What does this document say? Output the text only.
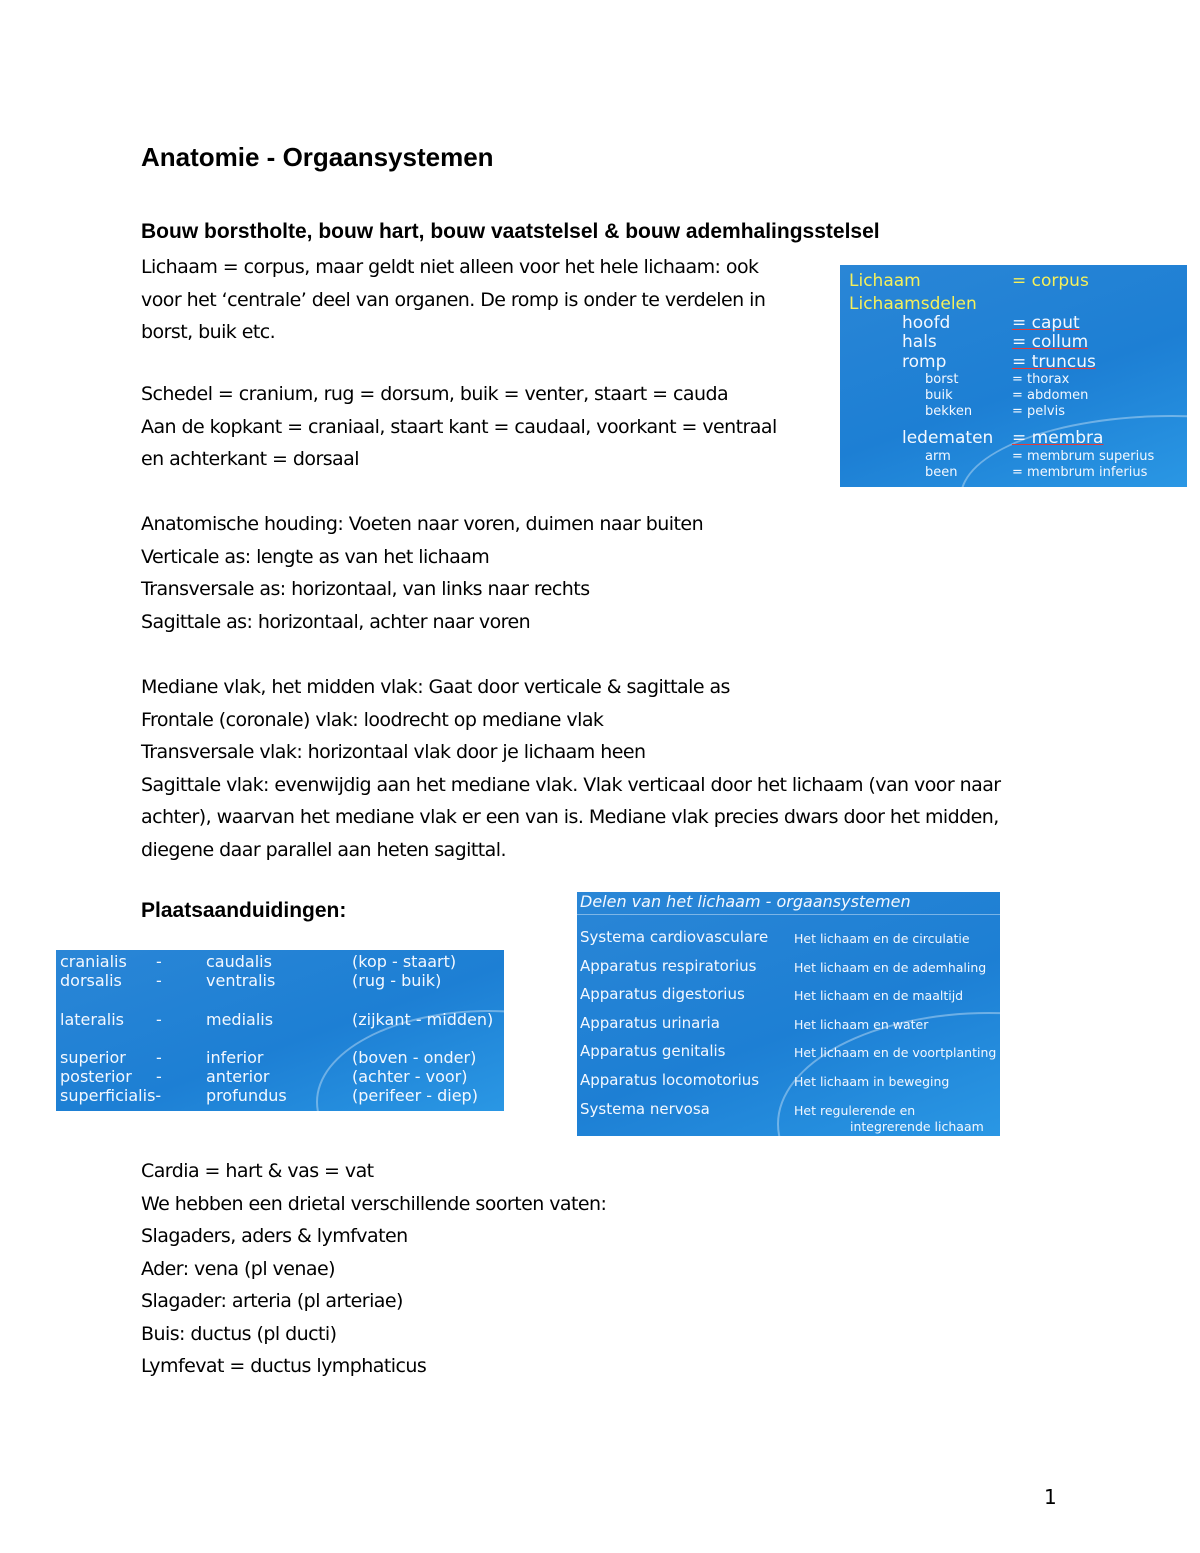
Anatomie - Orgaansystemen
Bouw borstholte, bouw hart, bouw vaatstelsel & bouw ademhalingsstelsel
Lichaam = corpus, maar geldt niet alleen voor het hele lichaam: ook
voor het ‘centrale’ deel van organen. De romp is onder te verdelen in
borst, buik etc.
Schedel = cranium, rug = dorsum, buik = venter, staart = cauda
Aan de kopkant = craniaal, staart kant = caudaal, voorkant = ventraal
en achterkant = dorsaal
Anatomische houding: Voeten naar voren, duimen naar buiten
Verticale as: lengte as van het lichaam
Transversale as: horizontaal, van links naar rechts
Sagittale as: horizontaal, achter naar voren
Mediane vlak, het midden vlak: Gaat door verticale & sagittale as
Frontale (coronale) vlak: loodrecht op mediane vlak
Transversale vlak: horizontaal vlak door je lichaam heen
Sagittale vlak: evenwijdig aan het mediane vlak. Vlak verticaal door het lichaam (van voor naar
achter), waarvan het mediane vlak er een van is. Mediane vlak precies dwars door het midden,
diegene daar parallel aan heten sagittal.
Plaatsaanduidingen:
Cardia = hart & vas = vat
We hebben een drietal verschillende soorten vaten:
Slagaders, aders & lymfvaten
Ader: vena (pl venae)
Slagader: arteria (pl arteriae)
Buis: ductus (pl ducti)
Lymfevat = ductus lymphaticus
Lichaam	= corpus
Lichaamsdelen
hoofd	= caput
hals	= collum
romp	= truncus
borst	= thorax
buik	= abdomen
bekken	= pelvis
ledematen = membra
arm	= membrum superius
been	= membrum inferius
cranialis -	caudalis	(kop - staart)
dorsalis -	ventralis	(rug - buik)
lateralis -	medialis	(zijkant - midden)
superior -	inferior	(boven - onder)
posterior -	anterior	(achter - voor)
superficialis-	profundus	(perifeer - diep)
Delen van het lichaam - orgaansystemen
Systema cardiovasculare Het lichaam en de circulatie
Apparatus respiratorius	Het lichaam en de ademhaling
Apparatus digestorius	Het lichaam en de maaltijd
Apparatus urinaria	Het lichaam en water
Apparatus genitalis	Het lichaam en de voortplanting
Apparatus locomotorius	Het lichaam in beweging
Systema nervosa	Het regulerende en
integrerende lichaam
1
